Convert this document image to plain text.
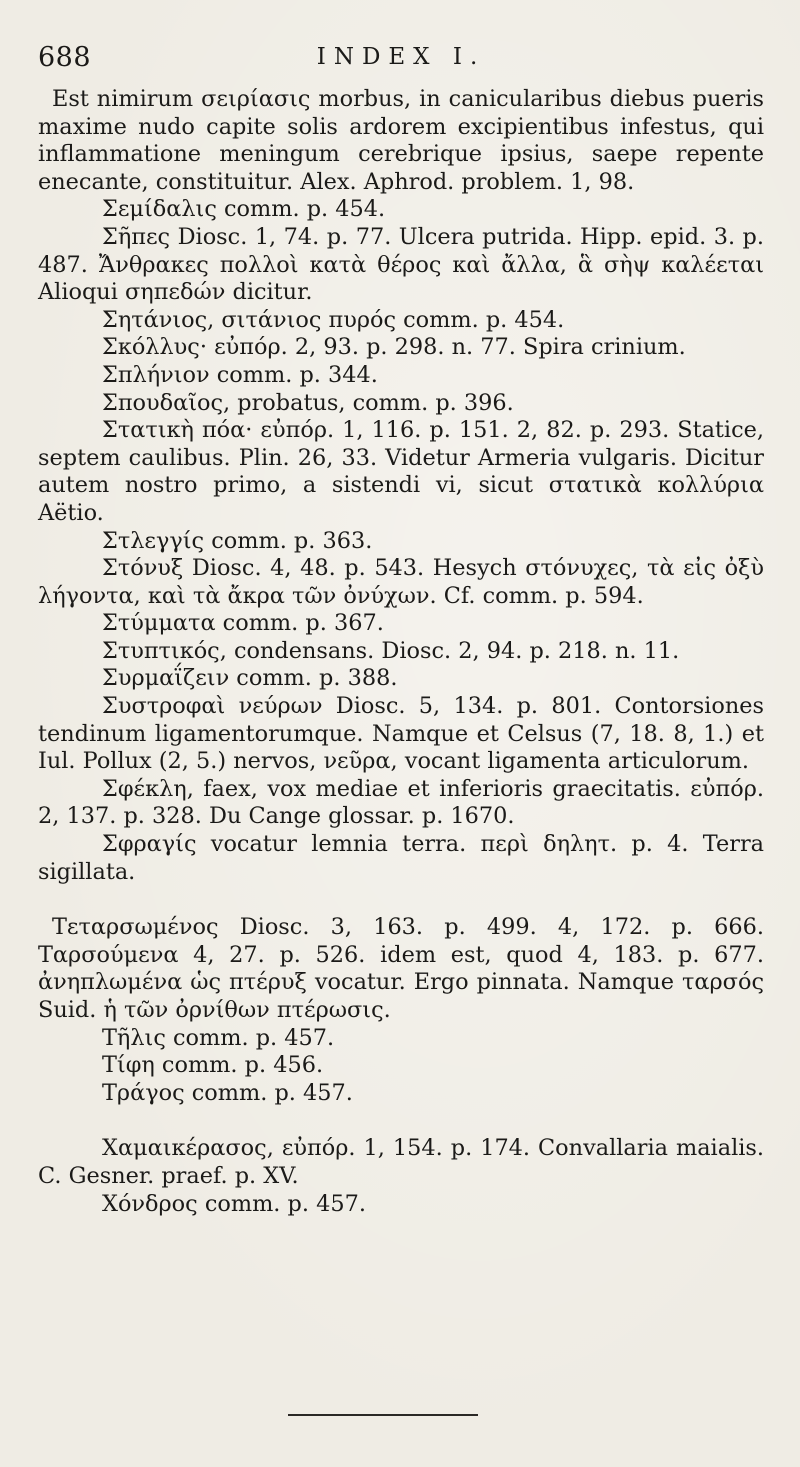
688	INDEX I.

Est nimirum σειρίασις morbus, in canicularibus diebus pueris maxime nudo capite solis ardorem excipientibus infestus, qui inflammatione meningum cerebrique ipsius, saepe repente enecante, constituitur. Alex. Aphrod. problem. 1, 98.

Σεμίδαλις comm. p. 454.

Σῆπες Diosc. 1, 74. p. 77. Ulcera putrida. Hipp. epid. 3. p. 487. Ἄνθρακες πολλοὶ κατὰ θέρος καὶ ἄλλα, ἃ σὴψ καλέεται Alioqui σηπεδών dicitur.

Σητάνιος, σιτάνιος πυρός comm. p. 454.

Σκόλλυς· εὐπόρ. 2, 93. p. 298. n. 77. Spira crinium.

Σπλήνιον comm. p. 344.

Σπουδαῖος, probatus, comm. p. 396.

Στατικὴ πόα· εὐπόρ. 1, 116. p. 151. 2, 82. p. 293. Statice, septem caulibus. Plin. 26, 33. Videtur Armeria vulgaris. Dicitur autem nostro primo, a sistendi vi, sicut στατικὰ κολλύρια Aëtio.

Στλεγγίς comm. p. 363.

Στόνυξ Diosc. 4, 48. p. 543. Hesych στόνυχες, τὰ εἰς ὀξὺ λήγοντα, καὶ τὰ ἄκρα τῶν ὀνύχων. Cf. comm. p. 594.

Στύμματα comm. p. 367.

Στυπτικός, condensans. Diosc. 2, 94. p. 218. n. 11.

Συρμαΐζειν comm. p. 388.

Συστροφαὶ νεύρων Diosc. 5, 134. p. 801. Contorsiones tendinum ligamentorumque. Namque et Celsus (7, 18. 8, 1.) et Iul. Pollux (2, 5.) nervos, νεῦρα, vocant ligamenta articulorum.

Σφέκλη, faex, vox mediae et inferioris graecitatis. εὐπόρ. 2, 137. p. 328. Du Cange glossar. p. 1670.

Σφραγίς vocatur lemnia terra. περὶ δηλητ. p. 4. Terra sigillata.

Τεταρσωμένος Diosc. 3, 163. p. 499. 4, 172. p. 666. Ταρσούμενα 4, 27. p. 526. idem est, quod 4, 183. p. 677. ἀνηπλωμένα ὡς πτέρυξ vocatur. Ergo pinnata. Namque ταρσός Suid. ἡ τῶν ὀρνίθων πτέρωσις.

Τῆλις comm. p. 457.

Τίφη comm. p. 456.

Τράγος comm. p. 457.

Χαμαικέρασος, εὐπόρ. 1, 154. p. 174. Convallaria maialis. C. Gesner. praef. p. XV.

Χόνδρος comm. p. 457.
